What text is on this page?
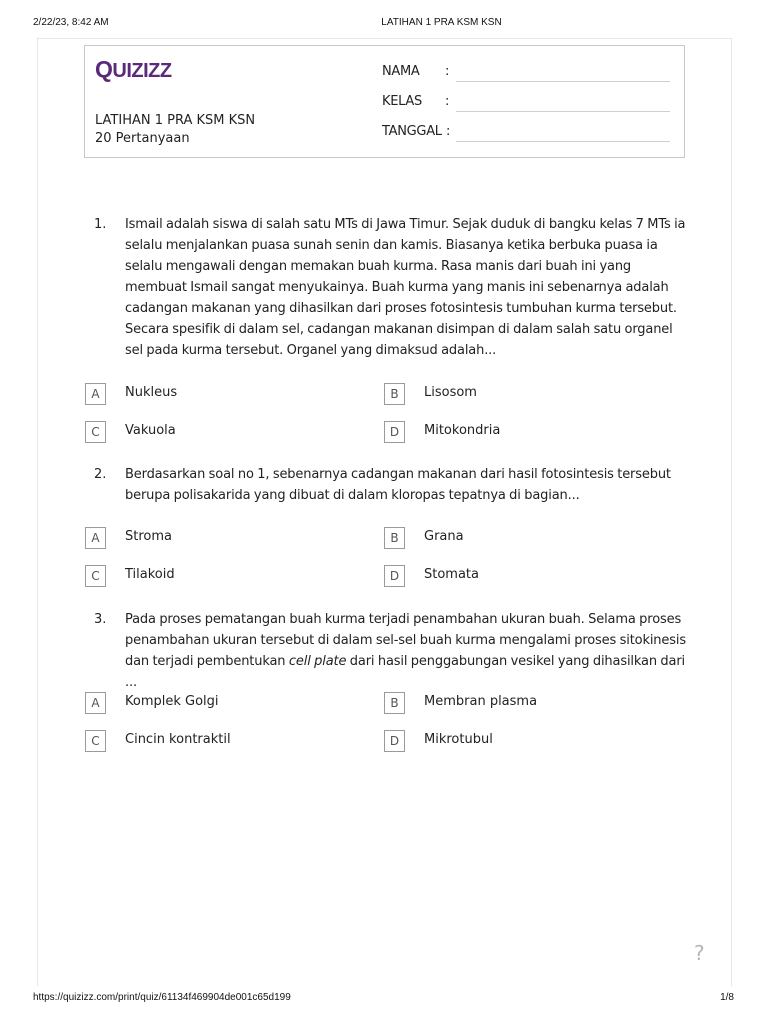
2/22/23, 8:42 AM	LATIHAN 1 PRA KSM KSN
QUIZIZZ
LATIHAN 1 PRA KSM KSN
20 Pertanyaan
NAMA :
KELAS :
TANGGAL :
1. Ismail adalah siswa di salah satu MTs di Jawa Timur. Sejak duduk di bangku kelas 7 MTs ia selalu menjalankan puasa sunah senin dan kamis. Biasanya ketika berbuka puasa ia selalu mengawali dengan memakan buah kurma. Rasa manis dari buah ini yang membuat Ismail sangat menyukainya. Buah kurma yang manis ini sebenarnya adalah cadangan makanan yang dihasilkan dari proses fotosintesis tumbuhan kurma tersebut. Secara spesifik di dalam sel, cadangan makanan disimpan di dalam salah satu organel sel pada kurma tersebut. Organel yang dimaksud adalah...
A	Nukleus	B	Lisosom
C	Vakuola	D	Mitokondria
2. Berdasarkan soal no 1, sebenarnya cadangan makanan dari hasil fotosintesis tersebut berupa polisakarida yang dibuat di dalam kloropas tepatnya di bagian...
A	Stroma	B	Grana
C	Tilakoid	D	Stomata
3. Pada proses pematangan buah kurma terjadi penambahan ukuran buah. Selama proses penambahan ukuran tersebut di dalam sel-sel buah kurma mengalami proses sitokinesis dan terjadi pembentukan cell plate dari hasil penggabungan vesikel yang dihasilkan dari ...
A	Komplek Golgi	B	Membran plasma
C	Cincin kontraktil	D	Mikrotubul
?
https://quizizz.com/print/quiz/61134f469904de001c65d199	1/8
